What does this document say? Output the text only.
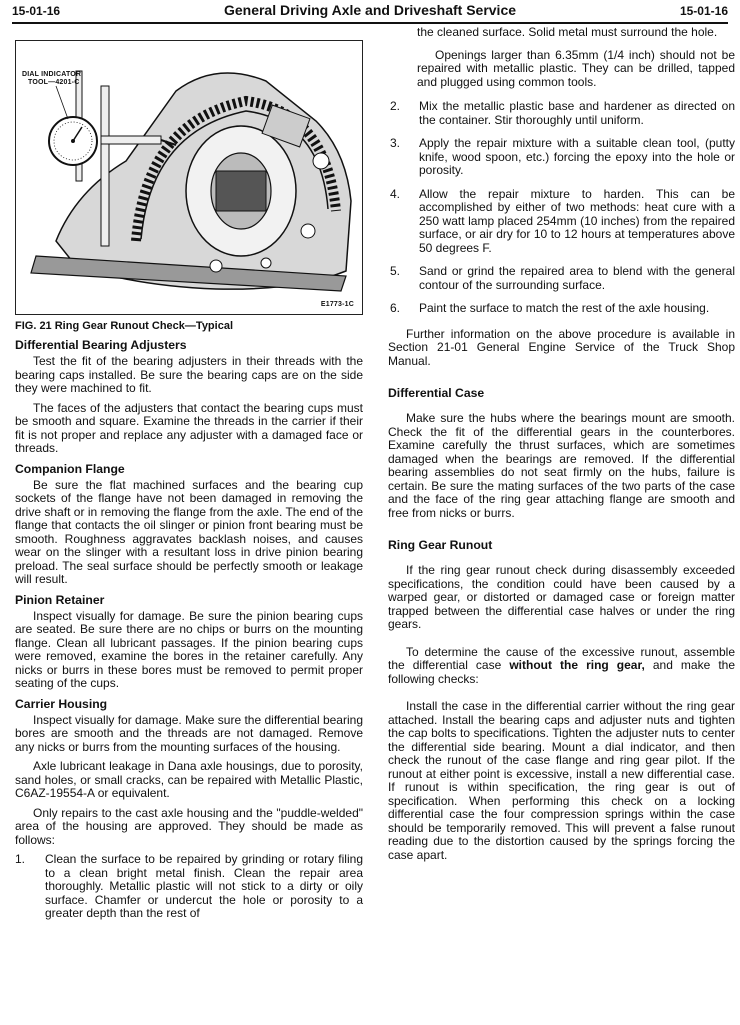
15-01-16	General Driving Axle and Driveshaft Service	15-01-16
DIAL INDICATOR
TOOL—4201-C
E1773-1C
FIG. 21 Ring Gear Runout Check—Typical
Differential Bearing Adjusters

Test the fit of the bearing adjusters in their threads with the bearing caps installed. Be sure the bearing caps are on the side they were machined to fit.

The faces of the adjusters that contact the bearing cups must be smooth and square. Examine the threads in the carrier if their fit is not proper and replace any adjuster with a damaged face or threads.

Companion Flange

Be sure the flat machined surfaces and the bearing cup sockets of the flange have not been damaged in removing the drive shaft or in removing the flange from the axle. The end of the flange that contacts the oil slinger or pinion front bearing must be smooth. Roughness aggravates backlash noises, and causes wear on the slinger with a resultant loss in drive pinion bearing preload. The seal surface should be perfectly smooth or leakage will result.

Pinion Retainer

Inspect visually for damage. Be sure the pinion bearing cups are seated. Be sure there are no chips or burrs on the mounting flange. Clean all lubricant passages. If the pinion bearing cups were removed, examine the bores in the retainer carefully. Any nicks or burrs in these bores must be removed to permit proper seating of the cups.

Carrier Housing

Inspect visually for damage. Make sure the differential bearing bores are smooth and the threads are not damaged. Remove any nicks or burrs from the mounting surfaces of the housing.

Axle lubricant leakage in Dana axle housings, due to porosity, sand holes, or small cracks, can be repaired with Metallic Plastic, C6AZ-19554-A or equivalent.

Only repairs to the cast axle housing and the "puddle-welded" area of the housing are approved. They should be made as follows:

1.	Clean the surface to be repaired by grinding or rotary filing to a clean bright metal finish. Clean the repair area thoroughly. Metallic plastic will not stick to a dirty or oily surface. Chamfer or undercut the hole or porosity to a greater depth than the rest of

the cleaned surface. Solid metal must surround the hole.

Openings larger than 6.35mm (1/4 inch) should not be repaired with metallic plastic. They can be drilled, tapped and plugged using common tools.

2.	Mix the metallic plastic base and hardener as directed on the container. Stir thoroughly until uniform.
3.	Apply the repair mixture with a suitable clean tool, (putty knife, wood spoon, etc.) forcing the epoxy into the hole or porosity.
4.	Allow the repair mixture to harden. This can be accomplished by either of two methods: heat cure with a 250 watt lamp placed 254mm (10 inches) from the repaired surface, or air dry for 10 to 12 hours at temperatures above 50 degrees F.
5.	Sand or grind the repaired area to blend with the general contour of the surrounding surface.
6.	Paint the surface to match the rest of the axle housing.

Further information on the above procedure is available in Section 21-01 General Engine Service of the Truck Shop Manual.

Differential Case

Make sure the hubs where the bearings mount are smooth. Check the fit of the differential gears in the counterbores. Examine carefully the thrust surfaces, which are sometimes damaged when the bearings are removed. If the differential bearing assemblies do not seat firmly on the hubs, failure is certain. Be sure the mating surfaces of the two parts of the case and the face of the ring gear attaching flange are smooth and free from nicks or burrs.

Ring Gear Runout

If the ring gear runout check during disassembly exceeded specifications, the condition could have been caused by a warped gear, or distorted or damaged case or foreign matter trapped between the differential case halves or under the ring gears.

To determine the cause of the excessive runout, assemble the differential case without the ring gear, and make the following checks:

Install the case in the differential carrier without the ring gear attached. Install the bearing caps and adjuster nuts and tighten the cap bolts to specifications. Tighten the adjuster nuts to center the differential side bearing. Mount a dial indicator, and then check the runout of the case flange and ring gear pilot. If the runout at either point is excessive, install a new differential case. If runout is within specification, the ring gear is out of specification. When performing this check on a locking differential case the four compression springs within the case should be temporarily removed. This will prevent a false runout reading due to the distortion caused by the springs forcing the case apart.
